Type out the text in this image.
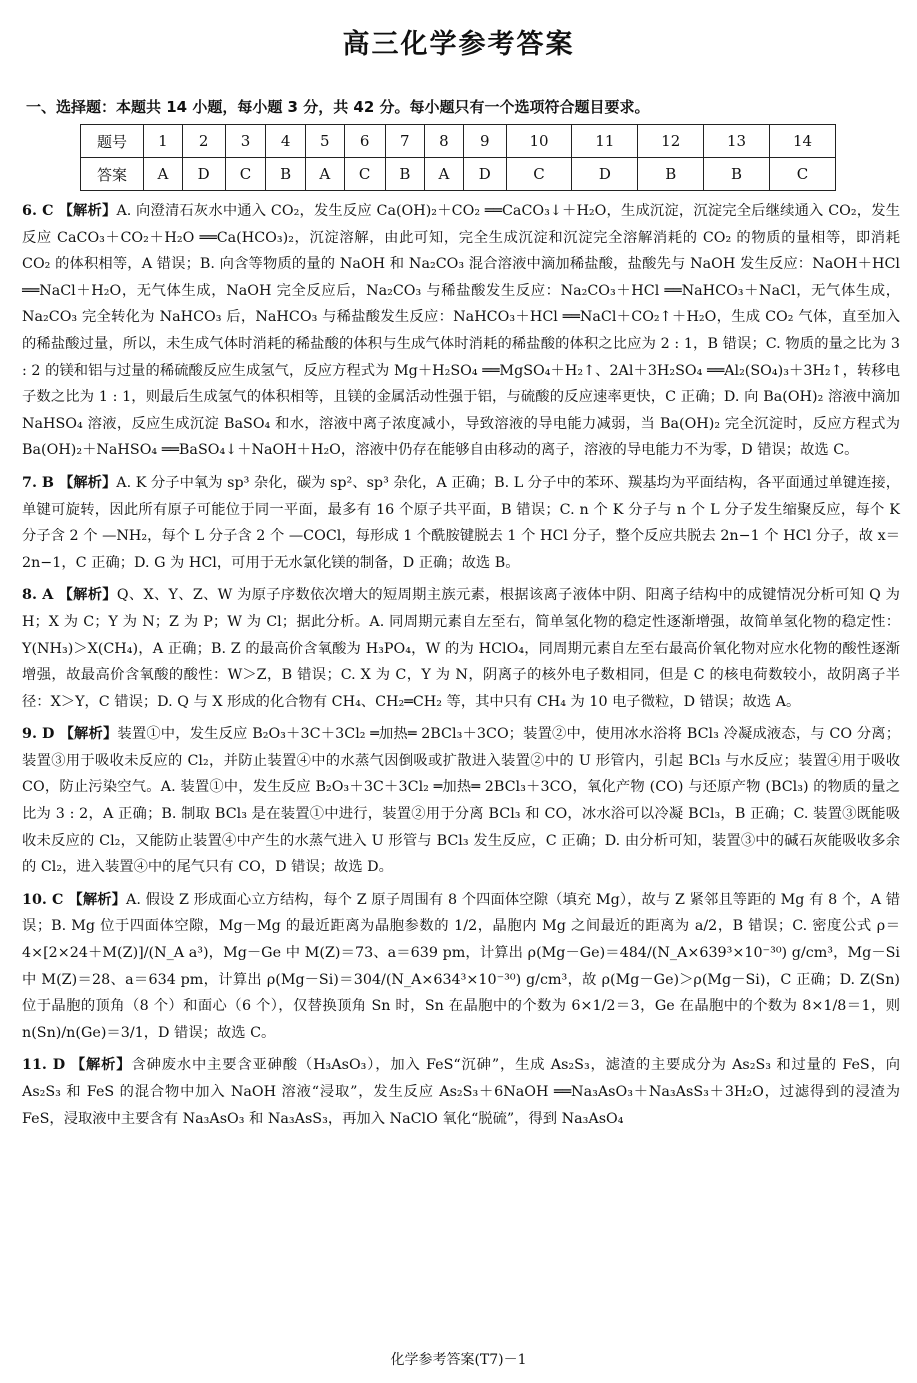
高三化学参考答案
一、选择题：本题共 14 小题，每小题 3 分，共 42 分。每小题只有一个选项符合题目要求。
题号	1	2	3	4	5	6	7	8	9	10	11	12	13	14
答案	A	D	C	B	A	C	B	A	D	C	D	B	B	C
6. C 【解析】A. 向澄清石灰水中通入 CO₂，发生反应 Ca(OH)₂＋CO₂ ══CaCO₃↓＋H₂O，生成沉淀，沉淀完全后继续通入 CO₂，发生反应 CaCO₃＋CO₂＋H₂O ══Ca(HCO₃)₂，沉淀溶解，由此可知，完全生成沉淀和沉淀完全溶解消耗的 CO₂ 的物质的量相等，即消耗 CO₂ 的体积相等，A 错误；B. 向含等物质的量的 NaOH 和 Na₂CO₃ 混合溶液中滴加稀盐酸，盐酸先与 NaOH 发生反应：NaOH＋HCl ══NaCl＋H₂O，无气体生成，NaOH 完全反应后，Na₂CO₃ 与稀盐酸发生反应：Na₂CO₃＋HCl ══NaHCO₃＋NaCl，无气体生成，Na₂CO₃ 完全转化为 NaHCO₃ 后，NaHCO₃ 与稀盐酸发生反应：NaHCO₃＋HCl ══NaCl＋CO₂↑＋H₂O，生成 CO₂ 气体，直至加入的稀盐酸过量，所以，未生成气体时消耗的稀盐酸的体积与生成气体时消耗的稀盐酸的体积之比应为 2 : 1，B 错误；C. 物质的量之比为 3 : 2 的镁和铝与过量的稀硫酸反应生成氢气，反应方程式为 Mg＋H₂SO₄ ══MgSO₄＋H₂↑、2Al＋3H₂SO₄ ══Al₂(SO₄)₃＋3H₂↑，转移电子数之比为 1 : 1，则最后生成氢气的体积相等，且镁的金属活动性强于铝，与硫酸的反应速率更快，C 正确；D. 向 Ba(OH)₂ 溶液中滴加 NaHSO₄ 溶液，反应生成沉淀 BaSO₄ 和水，溶液中离子浓度减小，导致溶液的导电能力减弱，当 Ba(OH)₂ 完全沉淀时，反应方程式为 Ba(OH)₂＋NaHSO₄ ══BaSO₄↓＋NaOH＋H₂O，溶液中仍存在能够自由移动的离子，溶液的导电能力不为零，D 错误；故选 C。
7. B 【解析】A. K 分子中氧为 sp³ 杂化，碳为 sp²、sp³ 杂化，A 正确；B. L 分子中的苯环、羰基均为平面结构，各平面通过单键连接，单键可旋转，因此所有原子可能位于同一平面，最多有 16 个原子共平面，B 错误；C. n 个 K 分子与 n 个 L 分子发生缩聚反应，每个 K 分子含 2 个 —NH₂，每个 L 分子含 2 个 —COCl，每形成 1 个酰胺键脱去 1 个 HCl 分子，整个反应共脱去 2n−1 个 HCl 分子，故 x＝2n−1，C 正确；D. G 为 HCl，可用于无水氯化镁的制备，D 正确；故选 B。
8. A 【解析】Q、X、Y、Z、W 为原子序数依次增大的短周期主族元素，根据该离子液体中阴、阳离子结构中的成键情况分析可知 Q 为 H；X 为 C；Y 为 N；Z 为 P；W 为 Cl；据此分析。A. 同周期元素自左至右，简单氢化物的稳定性逐渐增强，故简单氢化物的稳定性：Y(NH₃)＞X(CH₄)，A 正确；B. Z 的最高价含氧酸为 H₃PO₄，W 的为 HClO₄，同周期元素自左至右最高价氧化物对应水化物的酸性逐渐增强，故最高价含氧酸的酸性：W＞Z，B 错误；C. X 为 C，Y 为 N，阴离子的核外电子数相同，但是 C 的核电荷数较小，故阴离子半径：X＞Y，C 错误；D. Q 与 X 形成的化合物有 CH₄、CH₂═CH₂ 等，其中只有 CH₄ 为 10 电子微粒，D 错误；故选 A。
9. D 【解析】装置①中，发生反应 B₂O₃＋3C＋3Cl₂ ═加热═ 2BCl₃＋3CO；装置②中，使用冰水浴将 BCl₃ 冷凝成液态，与 CO 分离；装置③用于吸收未反应的 Cl₂，并防止装置④中的水蒸气因倒吸或扩散进入装置②中的 U 形管内，引起 BCl₃ 与水反应；装置④用于吸收 CO，防止污染空气。A. 装置①中，发生反应 B₂O₃＋3C＋3Cl₂ ═加热═ 2BCl₃＋3CO，氧化产物 (CO) 与还原产物 (BCl₃) 的物质的量之比为 3 : 2，A 正确；B. 制取 BCl₃ 是在装置①中进行，装置②用于分离 BCl₃ 和 CO，冰水浴可以冷凝 BCl₃，B 正确；C. 装置③既能吸收未反应的 Cl₂，又能防止装置④中产生的水蒸气进入 U 形管与 BCl₃ 发生反应，C 正确；D. 由分析可知，装置③中的碱石灰能吸收多余的 Cl₂，进入装置④中的尾气只有 CO，D 错误；故选 D。
10. C 【解析】A. 假设 Z 形成面心立方结构，每个 Z 原子周围有 8 个四面体空隙（填充 Mg），故与 Z 紧邻且等距的 Mg 有 8 个，A 错误；B. Mg 位于四面体空隙，Mg－Mg 的最近距离为晶胞参数的 1/2，晶胞内 Mg 之间最近的距离为 a/2，B 错误；C. 密度公式 ρ＝4×[2×24＋M(Z)]/(N_A a³)，Mg－Ge 中 M(Z)＝73、a＝639 pm，计算出 ρ(Mg－Ge)＝484/(N_A×639³×10⁻³⁰) g/cm³，Mg－Si 中 M(Z)＝28、a＝634 pm，计算出 ρ(Mg－Si)＝304/(N_A×634³×10⁻³⁰) g/cm³，故 ρ(Mg－Ge)＞ρ(Mg－Si)，C 正确；D. Z(Sn) 位于晶胞的顶角（8 个）和面心（6 个），仅替换顶角 Sn 时，Sn 在晶胞中的个数为 6×1/2＝3，Ge 在晶胞中的个数为 8×1/8＝1，则 n(Sn)/n(Ge)＝3/1，D 错误；故选 C。
11. D 【解析】含砷废水中主要含亚砷酸（H₃AsO₃），加入 FeS“沉砷”，生成 As₂S₃，滤渣的主要成分为 As₂S₃ 和过量的 FeS，向 As₂S₃ 和 FeS 的混合物中加入 NaOH 溶液“浸取”，发生反应 As₂S₃＋6NaOH ══Na₃AsO₃＋Na₃AsS₃＋3H₂O，过滤得到的浸渣为 FeS，浸取液中主要含有 Na₃AsO₃ 和 Na₃AsS₃，再加入 NaClO 氧化“脱硫”，得到 Na₃AsO₄
化学参考答案(T7)－1
